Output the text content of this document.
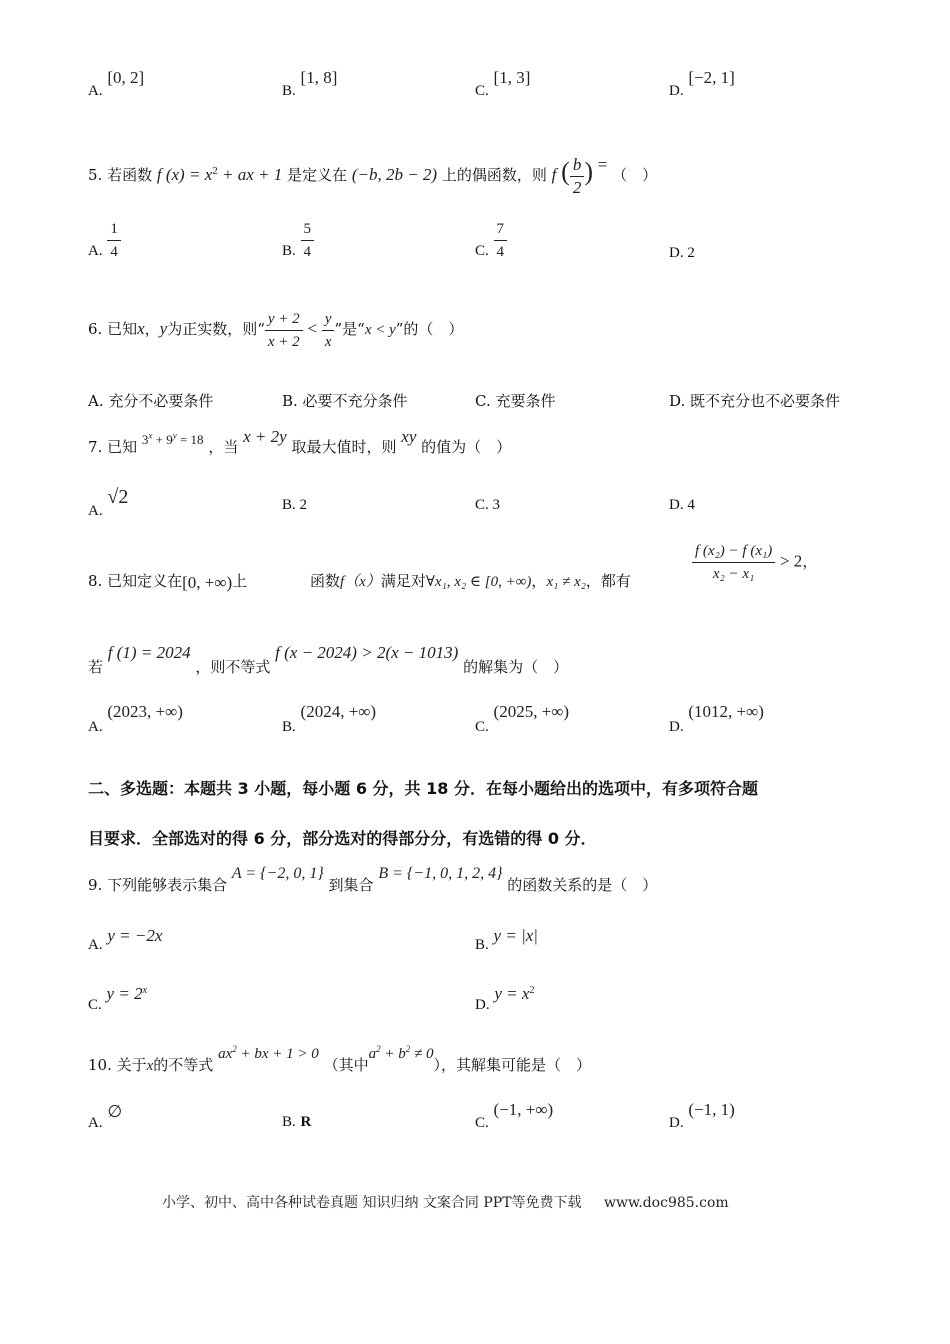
A. [0, 2]
B. [1, 8]
C. [1, 3]
D. [−2, 1]
5. 若函数 f $(x) = x^2$ + ax + 1 是定义在 (−b, 2b − 2) 上的偶函数，则 f ( $\frac{b}{2}$ ) = （　）
A. $\frac{1}{4}$	B. $\frac{5}{4}$	C. $\frac{7}{4}$	D. 2
6. 已知x，y为正实数，则“ $\frac{y + 2}{x + 2} < \frac{y}{x}$ ”是“x < y”的（　）
A. 充分不必要条件	B. 必要不充分条件	C. 充要条件	D. 既不充分也不必要条件
7. 已知 $3^x + 9^y = 18$ ，当 x + 2y 取最大值时，则 xy 的值为（　）
A. √2	B. 2	C. 3	D. 4
8. 已知定义在[0, +∞)上	函数f（x）满足对∀x₁, x₂ ∈ [0, +∞)，x₁ ≠ x₂，都有	$\frac{\text{f (x₂) − f (x₁)}}{\text{x₂ − x₁}} > 2$，
若 f (1) = 2024 ，则不等式 f (x − 2024) > 2(x − 1013) 的解集为（　）
A. (2023, +∞)
B. (2024, +∞)
C. (2025, +∞)
D. (1012, +∞)
二、多选题：本题共 3 小题，每小题 6 分，共 18 分．在每小题给出的选项中，有多项符合题
目要求．全部选对的得 6 分，部分选对的得部分分，有选错的得 0 分．
9. 下列能够表示集合 A = {−2, 0, 1} 到集合 B = {−1, 0, 1, 2, 4} 的函数关系的是（　）
A. y = −2x	B. y = |x|
C. $y = 2^x$
D. $y = x^2$
10. 关于x的不等式 $ax^2$ + bx + 1 > 0 （其中$a^2 + b^2 \ne 0$），其解集可能是（　）
A. ∅
B. R	C. (−1, +∞)
D. (−1, 1)
小学、初中、高中各种试卷真题 知识归纳 文案合同 PPT等免费下载 www.doc985.com
